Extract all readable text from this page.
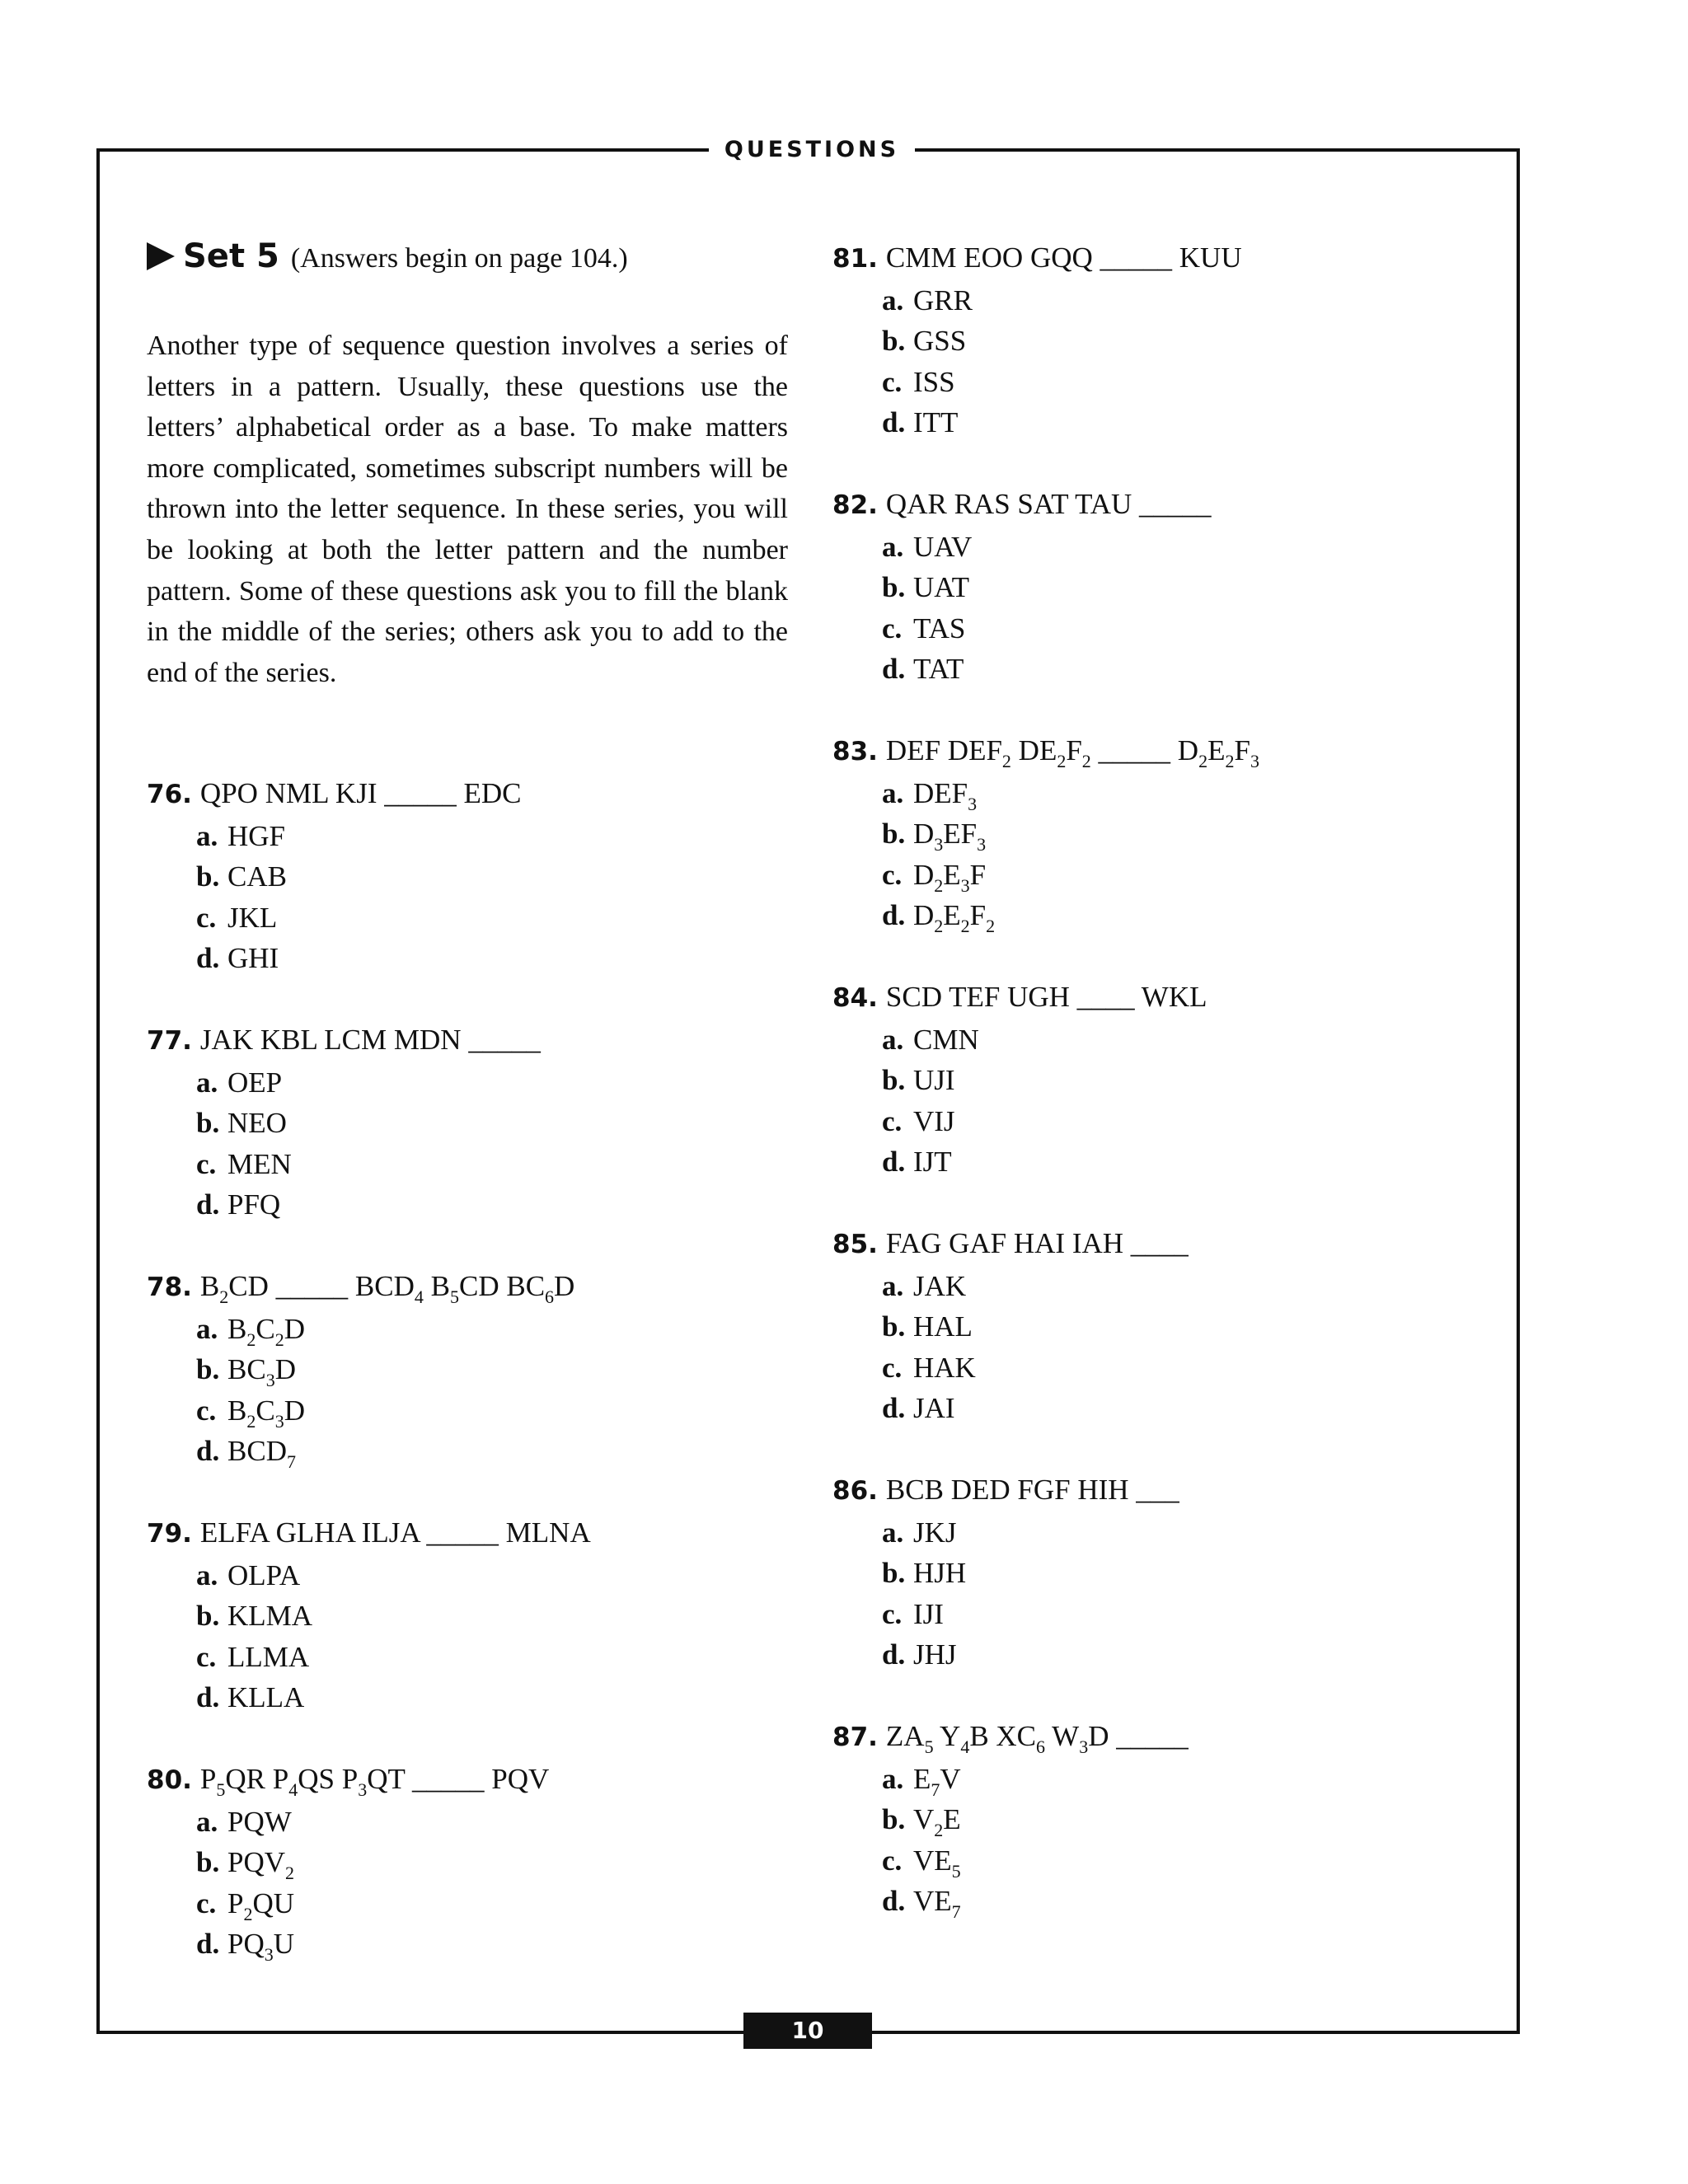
QUESTIONS
Set 5 (Answers begin on page 104.)
Another type of sequence question involves a series of letters in a pattern. Usually, these questions use the letters’ alphabetical order as a base. To make matters more complicated, sometimes subscript numbers will be thrown into the letter sequence. In these series, you will be looking at both the letter pattern and the number pattern. Some of these questions ask you to fill the blank in the middle of the series; others ask you to add to the end of the series.
76. QPO NML KJI _____ EDC
a. HGF
b. CAB
c. JKL
d. GHI
77. JAK KBL LCM MDN _____
a. OEP
b. NEO
c. MEN
d. PFQ
78. $B_2CD$ _____ $BCD_4$ $B_5CD$ $BC_6D$
a. $B_2C_2D$
b. $BC_3D$
c. $B_2C_3D$
d. $BCD_7$
79. ELFA GLHA ILJA _____ MLNA
a. OLPA
b. KLMA
c. LLMA
d. KLLA
80. $P_5QR$ $P_4QS$ $P_3QT$ _____ PQV
a. PQW
b. $PQV_2$
c. $P_2QU$
d. $PQ_3U$
81. CMM EOO GQQ _____ KUU
a. GRR
b. GSS
c. ISS
d. ITT
82. QAR RAS SAT TAU _____
a. UAV
b. UAT
c. TAS
d. TAT
83. DEF $DEF_2$ $DE_2F_2$ _____ $D_2E_2F_3$
a. $DEF_3$
b. $D_3EF_3$
c. $D_2E_3F$
d. $D_2E_2F_2$
84. SCD TEF UGH ____ WKL
a. CMN
b. UJI
c. VIJ
d. IJT
85. FAG GAF HAI IAH ____
a. JAK
b. HAL
c. HAK
d. JAI
86. BCB DED FGF HIH ___
a. JKJ
b. HJH
c. IJI
d. JHJ
87. $ZA_5$ $Y_4B$ $XC_6$ $W_3D$ _____
a. $E_7V$
b. $V_2E$
c. $VE_5$
d. $VE_7$
10
